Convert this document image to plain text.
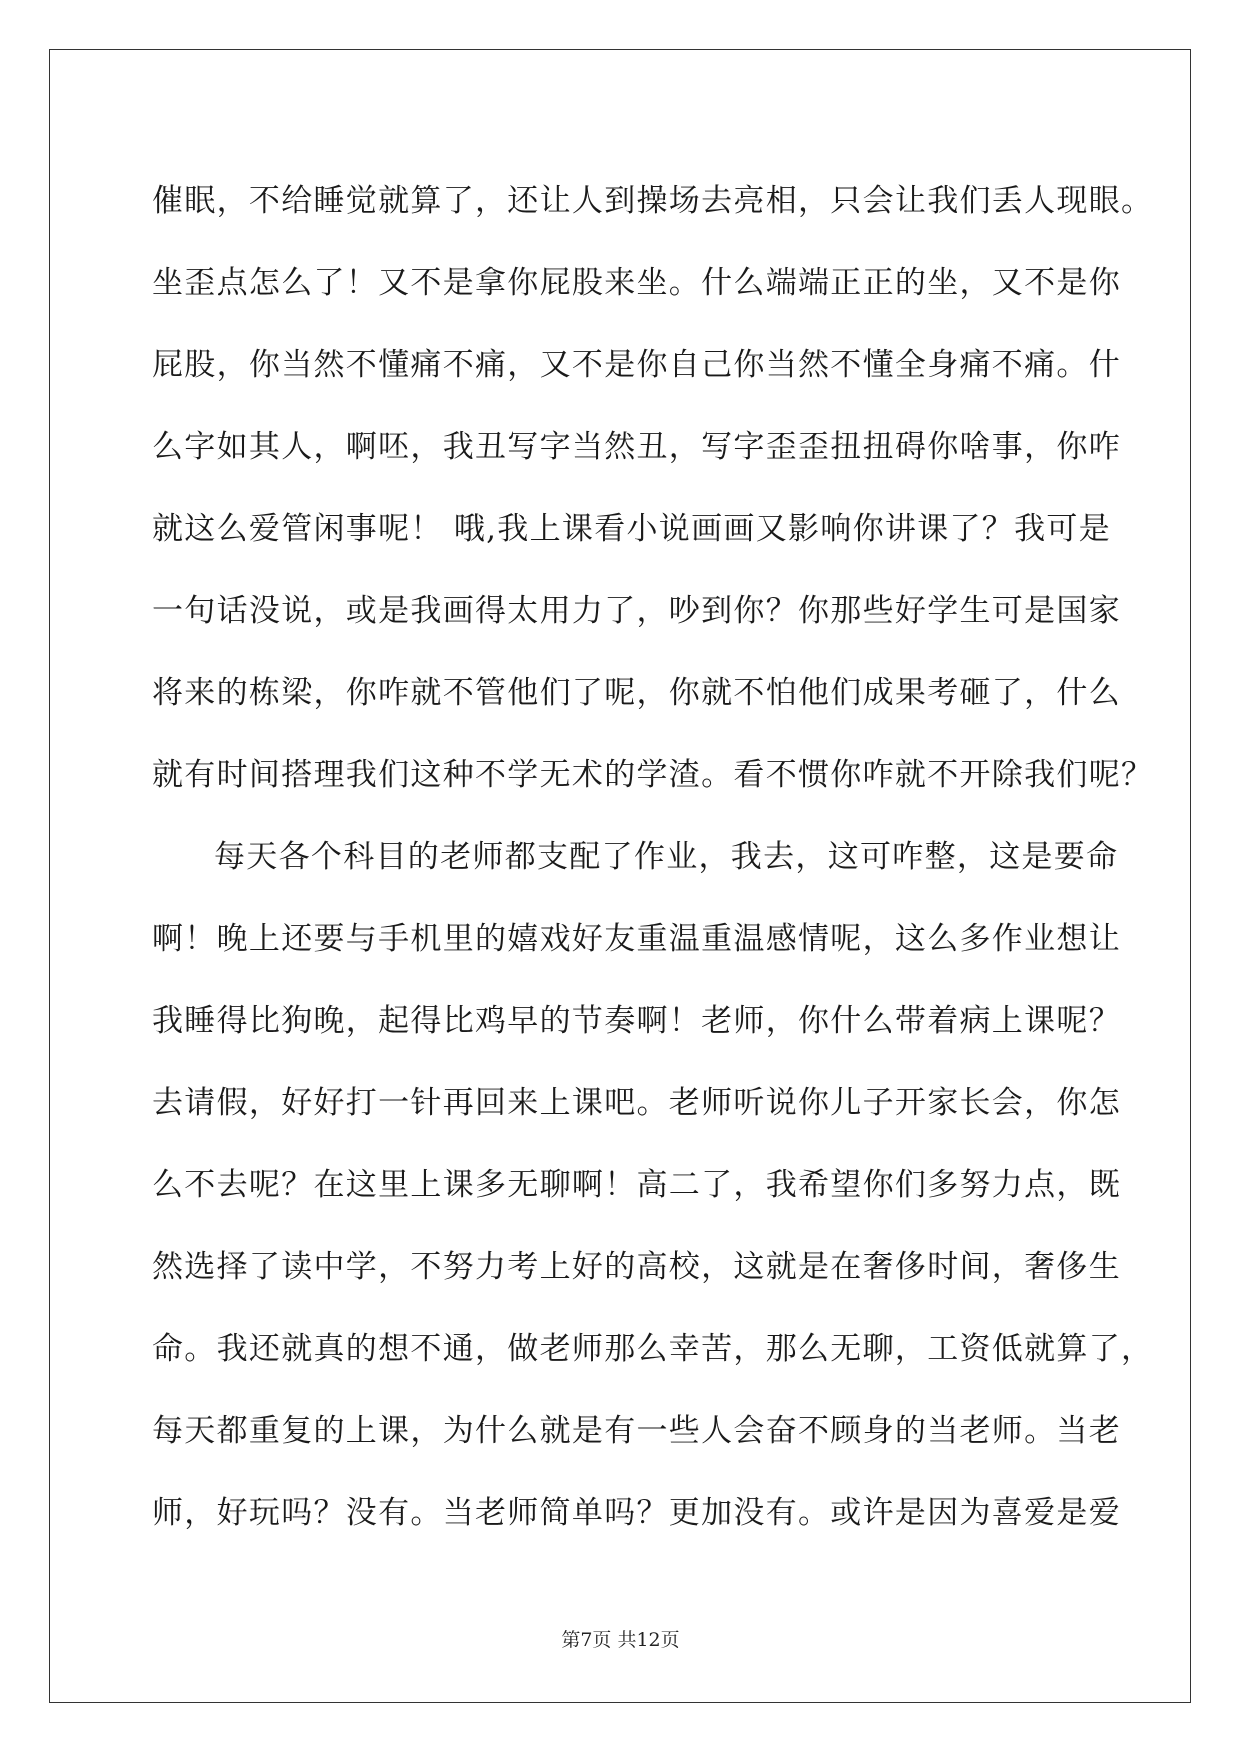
催眠，不给睡觉就算了，还让人到操场去亮相，只会让我们丢人现眼。
坐歪点怎么了！又不是拿你屁股来坐。什么端端正正的坐，又不是你
屁股，你当然不懂痛不痛，又不是你自己你当然不懂全身痛不痛。什
么字如其人，啊呸，我丑写字当然丑，写字歪歪扭扭碍你啥事，你咋
就这么爱管闲事呢！ 哦,我上课看小说画画又影响你讲课了？我可是
一句话没说，或是我画得太用力了，吵到你？你那些好学生可是国家
将来的栋梁，你咋就不管他们了呢，你就不怕他们成果考砸了，什么
就有时间搭理我们这种不学无术的学渣。看不惯你咋就不开除我们呢？
每天各个科目的老师都支配了作业，我去，这可咋整，这是要命
啊！晚上还要与手机里的嬉戏好友重温重温感情呢，这么多作业想让
我睡得比狗晚，起得比鸡早的节奏啊！老师，你什么带着病上课呢？
去请假，好好打一针再回来上课吧。老师听说你儿子开家长会，你怎
么不去呢？在这里上课多无聊啊！高二了，我希望你们多努力点，既
然选择了读中学，不努力考上好的高校，这就是在奢侈时间，奢侈生
命。我还就真的想不通，做老师那么幸苦，那么无聊，工资低就算了，
每天都重复的上课，为什么就是有一些人会奋不顾身的当老师。当老
师，好玩吗？没有。当老师简单吗？更加没有。或许是因为喜爱是爱
第7页 共12页
